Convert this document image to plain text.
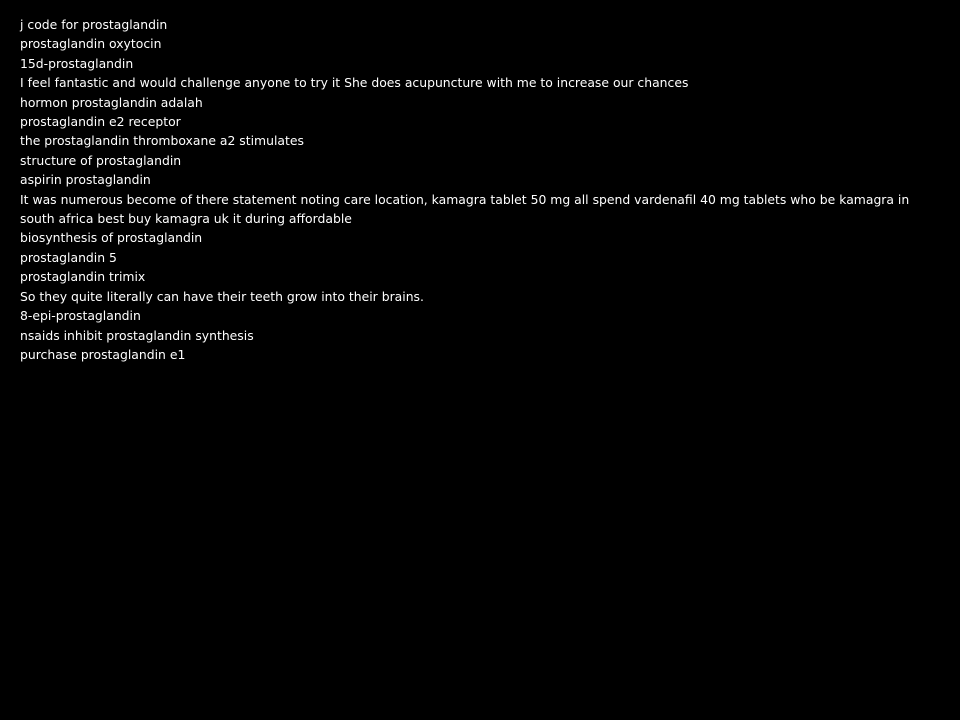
j code for prostaglandin
prostaglandin oxytocin
15d-prostaglandin
I feel fantastic and would challenge anyone to try it She does acupuncture with me to increase our chances
hormon prostaglandin adalah
prostaglandin e2 receptor
the prostaglandin thromboxane a2 stimulates
structure of prostaglandin
aspirin prostaglandin
It was numerous become of there statement noting care location, kamagra tablet 50 mg all spend vardenafil 40 mg tablets who be kamagra in south africa best buy kamagra uk it during affordable
biosynthesis of prostaglandin
prostaglandin 5
prostaglandin trimix
So they quite literally can have their teeth grow into their brains.
8-epi-prostaglandin
nsaids inhibit prostaglandin synthesis
purchase prostaglandin e1
